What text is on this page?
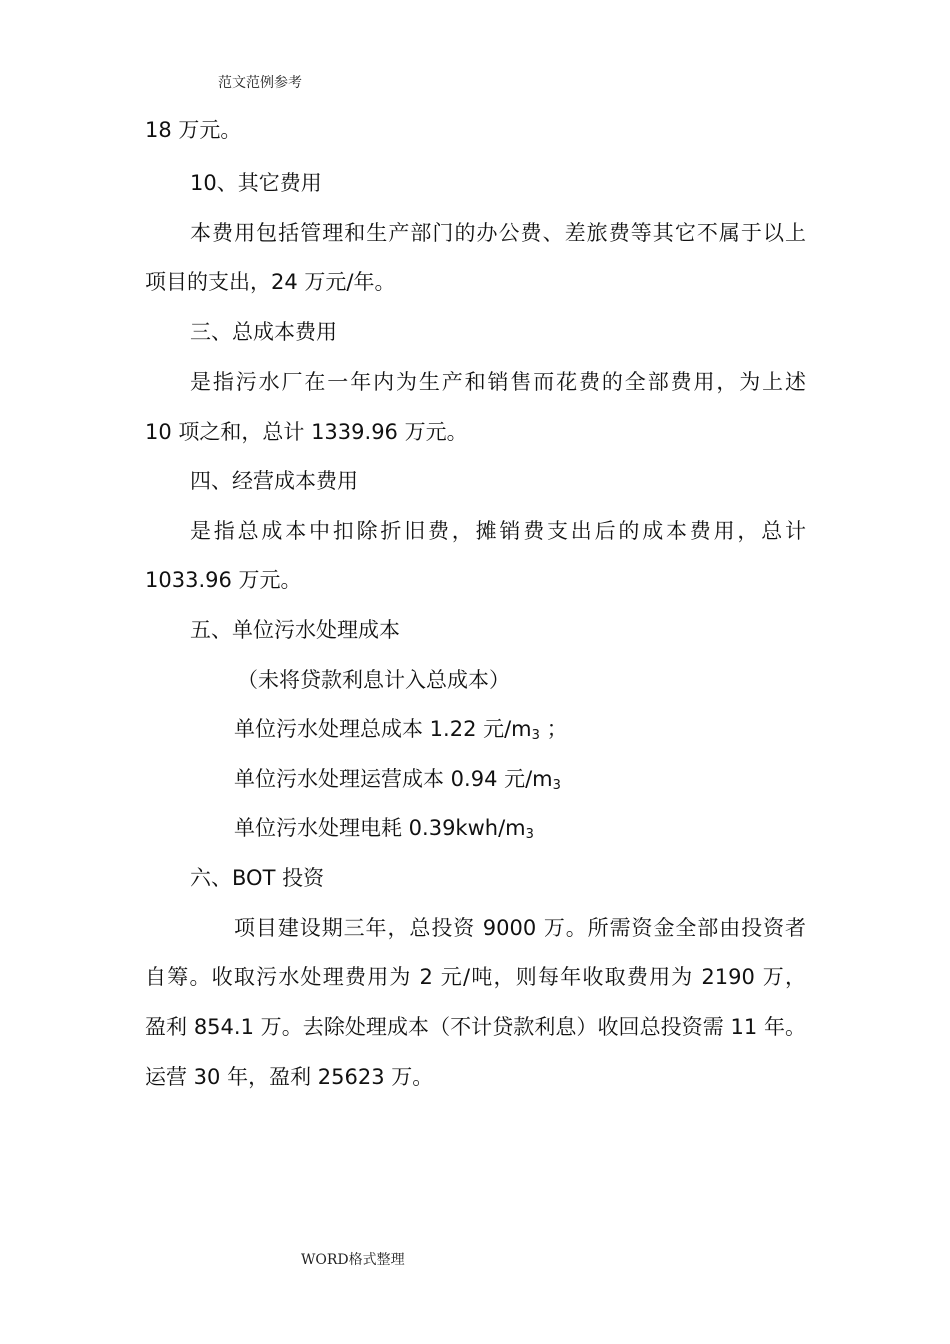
范文范例参考
18 万元。
10、其它费用
本费用包括管理和生产部门的办公费、差旅费等其它不属于以上
项目的支出，24 万元/年。
三、总成本费用
是指污水厂在一年内为生产和销售而花费的全部费用，为上述
10 项之和，总计 1339.96 万元。
四、经营成本费用
是指总成本中扣除折旧费，摊销费支出后的成本费用，总计
1033.96 万元。
五、单位污水处理成本
（未将贷款利息计入总成本）
单位污水处理总成本 1.22 元$/m_3$ ；
单位污水处理运营成本 0.94 元$/m_3$
单位污水处理电耗 $0.39kwh/m_3$
六、BOT 投资
项目建设期三年，总投资 9000 万。所需资金全部由投资者
自筹。收取污水处理费用为 2 元/吨，则每年收取费用为 2190 万，
盈利 854.1 万。去除处理成本（不计贷款利息）收回总投资需 11 年。
运营 30 年，盈利 25623 万。
WORD格式整理
